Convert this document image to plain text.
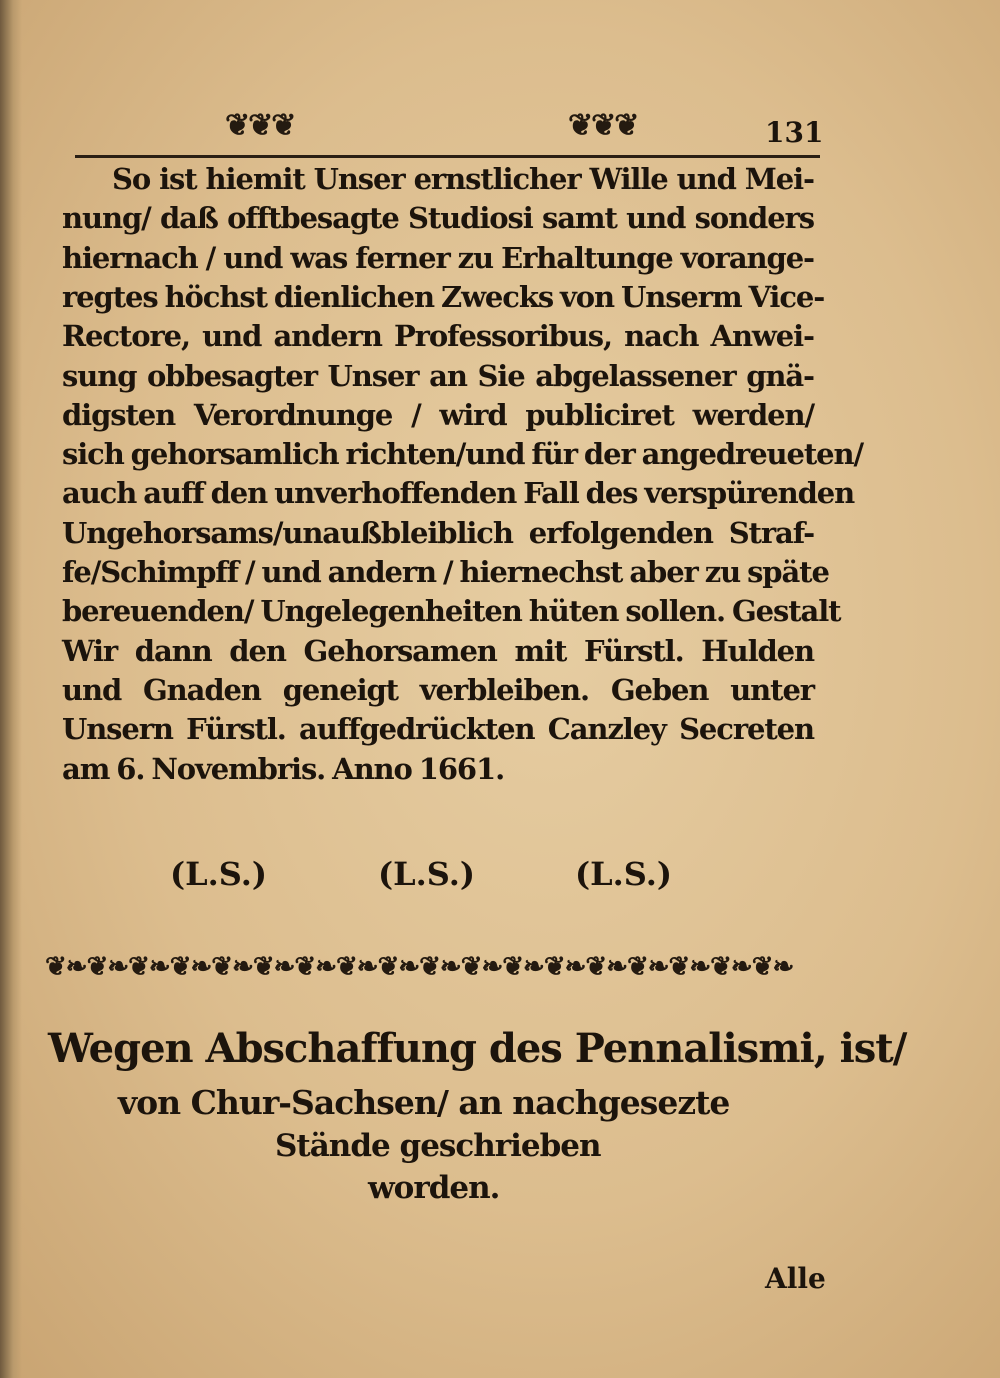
❦❦❦	❦❦❦	131
So ist hiemit Unser ernstlicher Wille und Mei-
nung/ daß offtbesagte Studiosi samt und sonders
hiernach / und was ferner zu Erhaltunge vorange-
regtes höchst dienlichen Zwecks von Unserm Vice-
Rectore, und andern Professoribus, nach Anwei-
sung obbesagter Unser an Sie abgelassener gnä-
digsten Verordnunge / wird publiciret werden/
sich gehorsamlich richten/und für der angedreueten/
auch auff den unverhoffenden Fall des verspürenden
Ungehorsams/unaußbleiblich erfolgenden Straf-
fe/Schimpff / und andern / hiernechst aber zu späte
bereuenden/ Ungelegenheiten hüten sollen. Gestalt
Wir dann den Gehorsamen mit Fürstl. Hulden
und Gnaden geneigt verbleiben. Geben unter
Unsern Fürstl. auffgedrückten Canzley Secreten
am 6. Novembris. Anno 1661.
(L.S.)	(L.S.)	(L.S.)
❦❧❦❧❦❧❦❧❦❧❦❧❦❧❦❧❦❧❦❧❦❧❦❧❦❧❦❧❦❧❦❧❦❧❦❧
Wegen Abschaffung des Pennalismi, ist/
von Chur-Sachsen/ an nachgesezte
Stände geschrieben
worden.
Alle
